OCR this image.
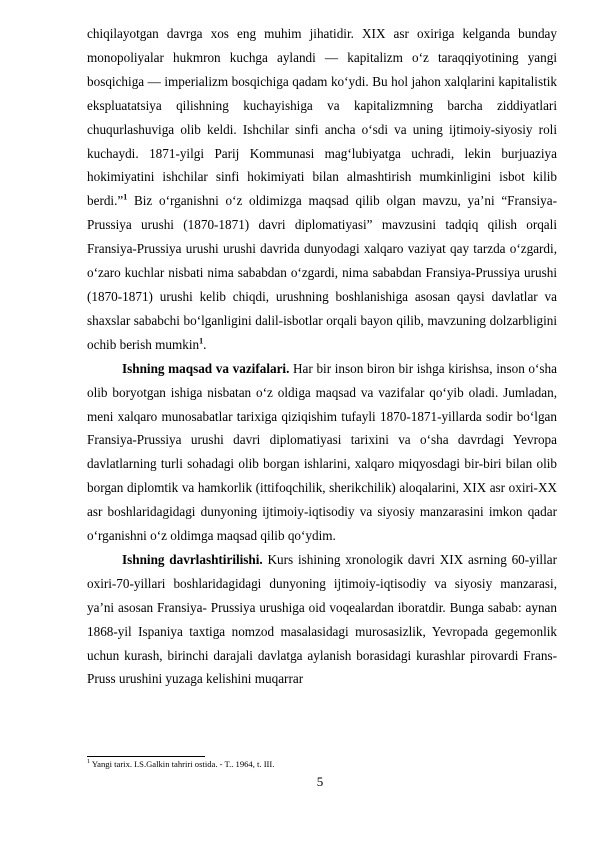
chiqilayotgan davrga xos eng muhim jihatidir. XIX asr oxiriga kelganda bunday monopoliyalar hukmron kuchga aylandi — kapitalizm o‘z taraqqiyotining yangi bosqichiga — imperializm bosqichiga qadam ko‘ydi. Bu hol jahon xalqlarini kapitalistik ekspluatatsiya qilishning kuchayishiga va kapitalizmning barcha ziddiyatlari chuqurlashuviga olib keldi. Ishchilar sinfi ancha o‘sdi va uning ijtimoiy-siyosiy roli kuchaydi. 1871-yilgi Parij Kommunasi mag‘lubiyatga uchradi, lekin burjuaziya hokimiyatini ishchilar sinfi hokimiyati bilan almashtirish mumkinligini isbot kilib berdi.”$^1$ Biz o‘rganishni o‘z oldimizga maqsad qilib olgan mavzu, ya’ni “Fransiya-Prussiya urushi (1870-1871) davri diplomatiyasi” mavzusini tadqiq qilish orqali Fransiya-Prussiya urushi urushi davrida dunyodagi xalqaro vaziyat qay tarzda o‘zgardi, o‘zaro kuchlar nisbati nima sababdan o‘zgardi, nima sababdan Fransiya-Prussiya urushi (1870-1871) urushi kelib chiqdi, urushning boshlanishiga asosan qaysi davlatlar va shaxslar sababchi bo‘lganligini dalil-isbotlar orqali bayon qilib, mavzuning dolzarbligini ochib berish mumkin$^1$.

Ishning maqsad va vazifalari. Har bir inson biron bir ishga kirishsa, inson o‘sha olib boryotgan ishiga nisbatan o‘z oldiga maqsad va vazifalar qo‘yib oladi. Jumladan, meni xalqaro munosabatlar tarixiga qiziqishim tufayli 1870-1871-yillarda sodir bo‘lgan Fransiya-Prussiya urushi davri diplomatiyasi tarixini va o‘sha davrdagi Yevropa davlatlarning turli sohadagi olib borgan ishlarini, xalqaro miqyosdagi bir-biri bilan olib borgan diplomtik va hamkorlik (ittifoqchilik, sherikchilik) aloqalarini, XIX asr oxiri-XX asr boshlaridagidagi dunyoning ijtimoiy-iqtisodiy va siyosiy manzarasini imkon qadar o‘rganishni o‘z oldimga maqsad qilib qo‘ydim.

Ishning davrlashtirilishi. Kurs ishining xronologik davri XIX asrning 60-yillar oxiri-70-yillari boshlaridagidagi dunyoning ijtimoiy-iqtisodiy va siyosiy manzarasi, ya’ni asosan Fransiya- Prussiya urushiga oid voqealardan iboratdir. Bunga sabab: aynan 1868-yil Ispaniya taxtiga nomzod masalasidagi murosasizlik, Yevropada gegemonlik uchun kurash, birinchi darajali davlatga aylanish borasidagi kurashlar pirovardi Frans- Pruss urushini yuzaga kelishini muqarrar

$^1$ Yangi tarix. I.S.Galkin tahriri ostida. - T.. 1964, t. III.
5
